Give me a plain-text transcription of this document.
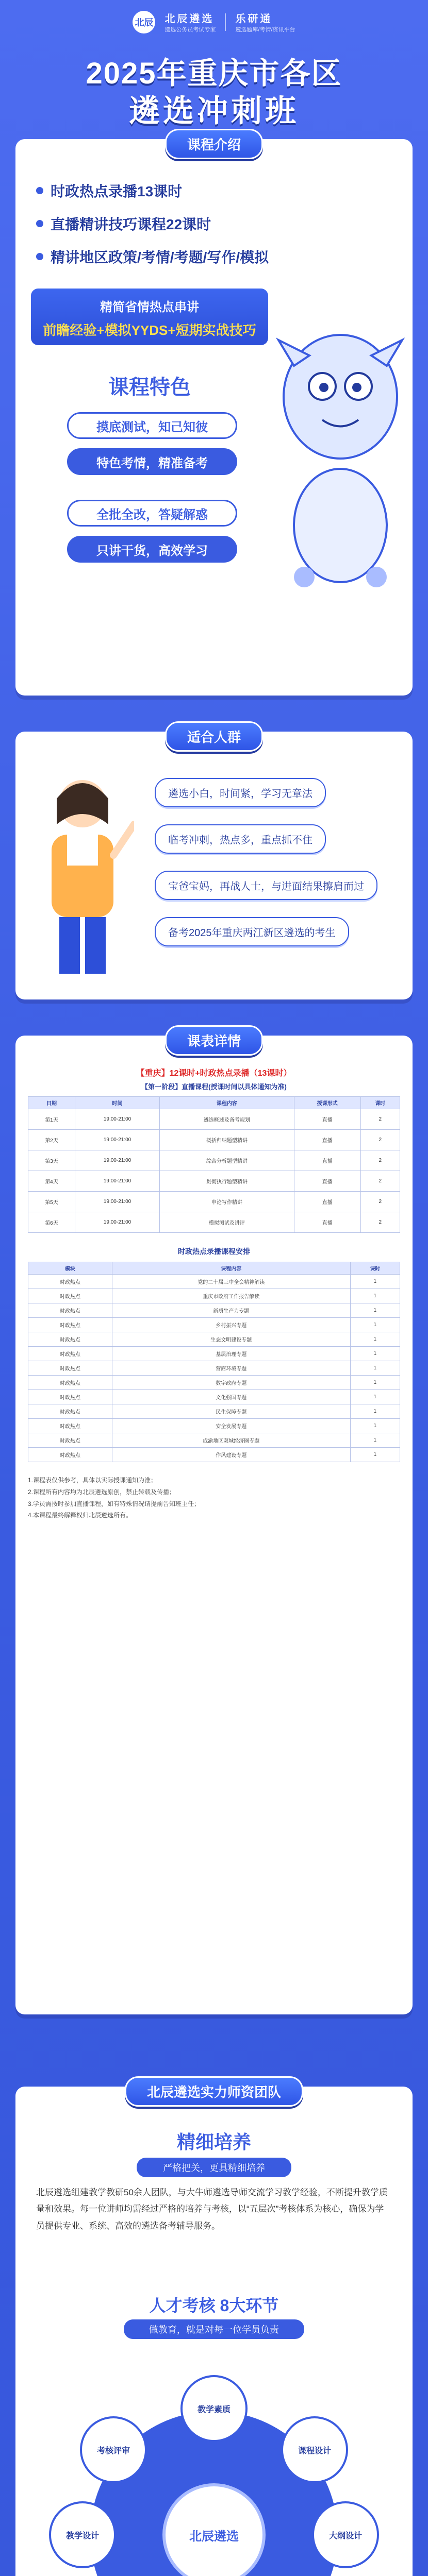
北辰 北辰遴选
遴选公务员考试专家
乐研通
遴选题库/考情/资讯平台
2025年重庆市各区
遴选冲刺班
时政热点录播13课时
直播精讲技巧课程22课时
精讲地区政策/考情/考题/写作/模拟
精简省情热点串讲
前瞻经验+模拟YYDS+短期实战技巧
课程特色
摸底测试，知己知彼
特色考情，精准备考
全批全改，答疑解惑
只讲干货，高效学习
课程介绍
遴选小白，时间紧，学习无章法
临考冲刺，热点多，重点抓不住
宝爸宝妈，再战人士，与进面结果擦肩而过
备考2025年重庆两江新区遴选的考生
适合人群
【重庆】12课时+时政热点录播（13课时）
【第一阶段】直播课程(授课时间以具体通知为准)
日期	时间	课程内容	授课形式	课时
第1天	19:00-21:00	遴选概述及备考规划	直播	2
第2天	19:00-21:00	概括归纳题型精讲	直播	2
第3天	19:00-21:00	综合分析题型精讲	直播	2
第4天	19:00-21:00	贯彻执行题型精讲	直播	2
第5天	19:00-21:00	申论写作精讲	直播	2
第6天	19:00-21:00	模拟测试及讲评	直播	2
时政热点录播课程安排
模块	课程内容	课时
时政热点	党的二十届三中全会精神解读	1
时政热点	重庆市政府工作报告解读	1
时政热点	新质生产力专题	1
时政热点	乡村振兴专题	1
时政热点	生态文明建设专题	1
时政热点	基层治理专题	1
时政热点	营商环境专题	1
时政热点	数字政府专题	1
时政热点	文化强国专题	1
时政热点	民生保障专题	1
时政热点	安全发展专题	1
时政热点	成渝地区双城经济圈专题	1
时政热点	作风建设专题	1
1.课程表仅供参考，具体以实际授课通知为准；
2.课程所有内容均为北辰遴选原创，禁止转载及传播；
3.学员需按时参加直播课程，如有特殊情况请提前告知班主任；
4.本课程最终解释权归北辰遴选所有。
课表详情
精细培养
严格把关，更具精细培养
北辰遴选组建教学教研50余人团队，与大牛师遴选导师交流学习教学经验，不断提升教学质量和效果。每一位讲师均需经过严格的培养与考核，以“五层次”考核体系为核心，确保为学员提供专业、系统、高效的遴选备考辅导服务。
人才考核 8大环节
做教育，就是对每一位学员负责
北辰遴选
教学素质
课程设计
大纲设计
教学设计
考核评审
北辰遴选实力师资团队
